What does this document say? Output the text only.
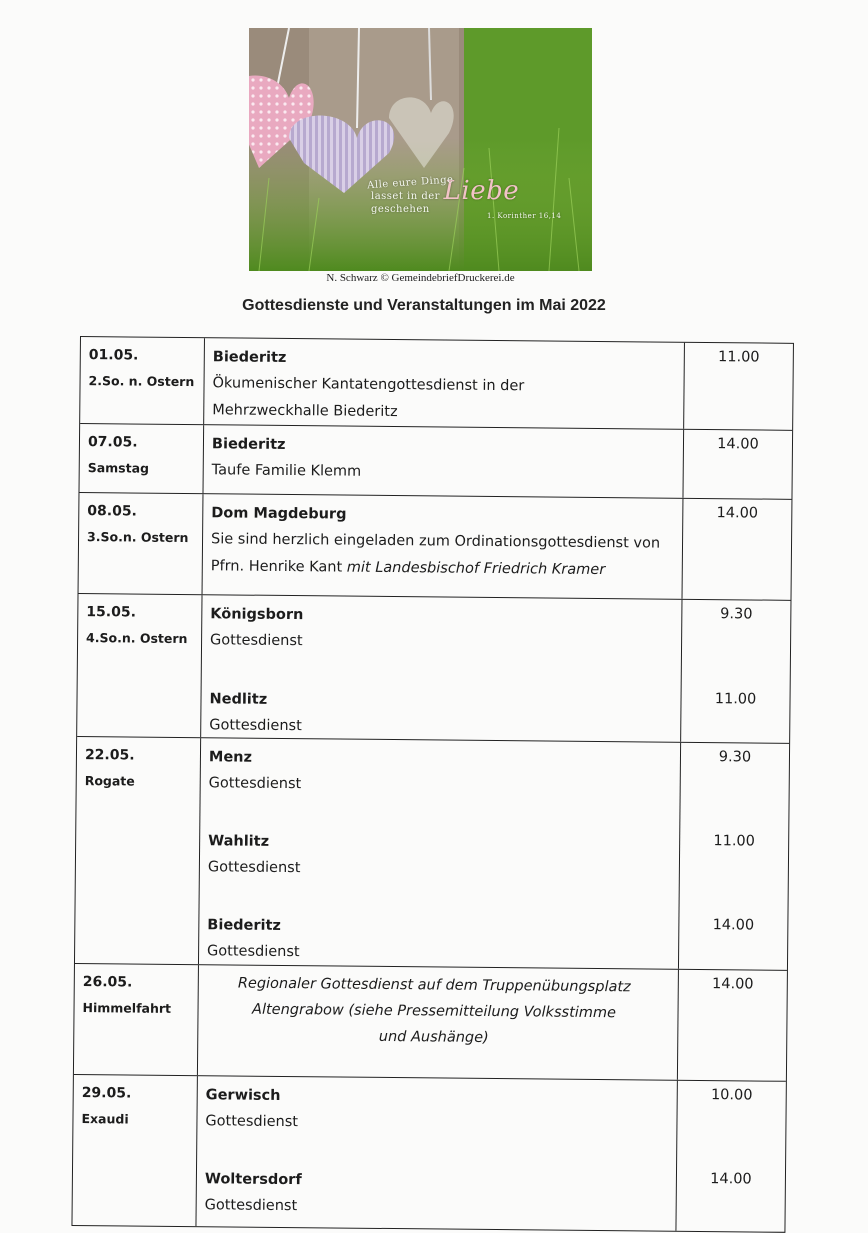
Alle eure Dinge
lasset in der Liebe geschehen
1. Korinther 16,14
N. Schwarz © GemeindebriefDruckerei.de
Gottesdienste und Veranstaltungen im Mai 2022
01.05.
2.So. n. Ostern
Biederitz
Ökumenischer Kantatengottesdienst in der
Mehrzweckhalle Biederitz
11.00
07.05.
Samstag
Biederitz
Taufe Familie Klemm
14.00
08.05.
3.So.n. Ostern
Dom Magdeburg
Sie sind herzlich eingeladen zum Ordinationsgottesdienst von
Pfrn. Henrike Kant mit Landesbischof Friedrich Kramer
14.00
15.05.
4.So.n. Ostern
Königsborn
Gottesdienst
Nedlitz
Gottesdienst
9.30
11.00
22.05.
Rogate
Menz
Gottesdienst
Wahlitz
Gottesdienst
Biederitz
Gottesdienst
9.30
11.00
14.00
26.05.
Himmelfahrt
Regionaler Gottesdienst auf dem Truppenübungsplatz
Altengrabow (siehe Pressemitteilung Volksstimme
und Aushänge)
14.00
29.05.
Exaudi
Gerwisch
Gottesdienst
Woltersdorf
Gottesdienst
10.00
14.00
